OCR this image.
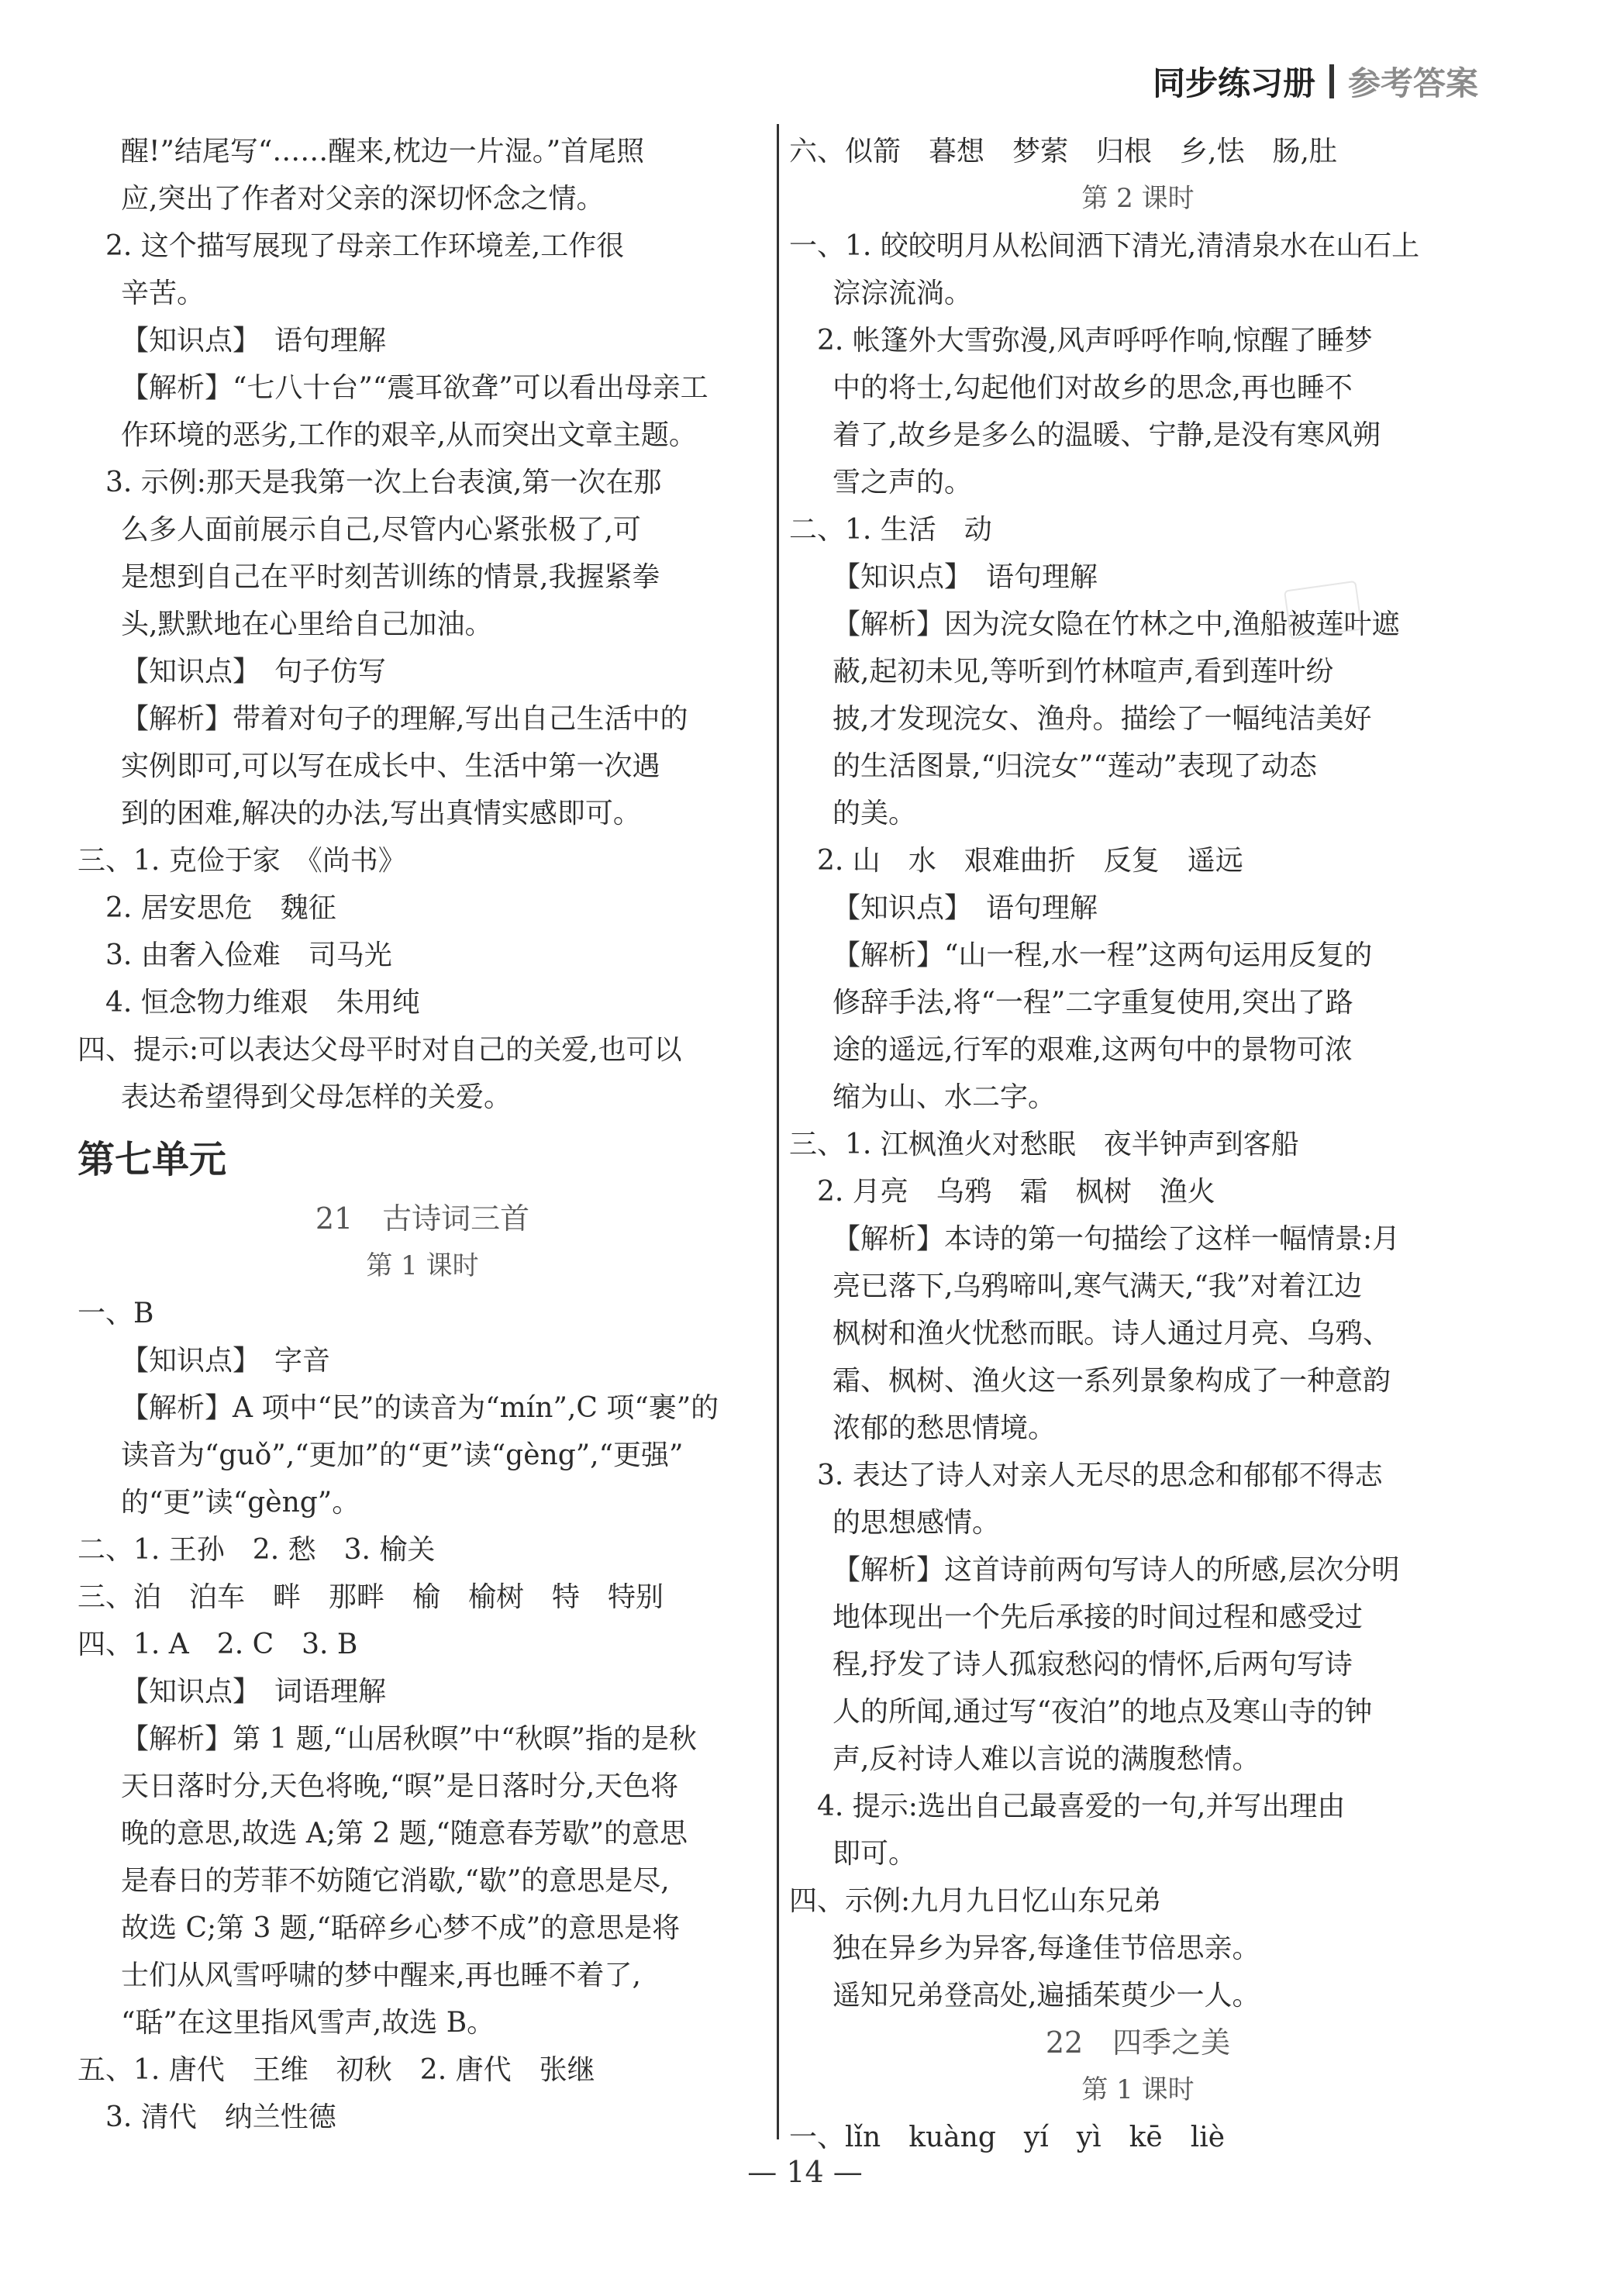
同步练习册 参考答案
醒!”结尾写“……醒来,枕边一片湿。”首尾照
应,突出了作者对父亲的深切怀念之情。
　2. 这个描写展现了母亲工作环境差,工作很
辛苦。
【知识点】　语句理解
【解析】“七八十台”“震耳欲聋”可以看出母亲工
作环境的恶劣,工作的艰辛,从而突出文章主题。
　3. 示例:那天是我第一次上台表演,第一次在那
么多人面前展示自己,尽管内心紧张极了,可
是想到自己在平时刻苦训练的情景,我握紧拳
头,默默地在心里给自己加油。
【知识点】　句子仿写
【解析】带着对句子的理解,写出自己生活中的
实例即可,可以写在成长中、生活中第一次遇
到的困难,解决的办法,写出真情实感即可。
三、1. 克俭于家　《尚书》
　2. 居安思危　魏征
　3. 由奢入俭难　司马光
　4. 恒念物力维艰　朱用纯
四、提示:可以表达父母平时对自己的关爱,也可以
表达希望得到父母怎样的关爱。
第七单元
21　古诗词三首
第 1 课时
一、B
【知识点】　字音
【解析】A 项中“民”的读音为“mín”,C 项“裹”的
读音为“guǒ”,“更加”的“更”读“gèng”,“更强”
的“更”读“gèng”。
二、1. 王孙　2. 愁　3. 榆关
三、泊　泊车　畔　那畔　榆　榆树　特　特别
四、1. A　2. C　3. B
【知识点】　词语理解
【解析】第 1 题,“山居秋暝”中“秋暝”指的是秋
天日落时分,天色将晚,“暝”是日落时分,天色将
晚的意思,故选 A;第 2 题,“随意春芳歇”的意思
是春日的芳菲不妨随它消歇,“歇”的意思是尽,
故选 C;第 3 题,“聒碎乡心梦不成”的意思是将
士们从风雪呼啸的梦中醒来,再也睡不着了,
“聒”在这里指风雪声,故选 B。
五、1. 唐代　王维　初秋　2. 唐代　张继
　3. 清代　纳兰性德
六、似箭　暮想　梦萦　归根　乡,怯　肠,肚
第 2 课时
一、1. 皎皎明月从松间洒下清光,清清泉水在山石上
淙淙流淌。
　2. 帐篷外大雪弥漫,风声呼呼作响,惊醒了睡梦
中的将士,勾起他们对故乡的思念,再也睡不
着了,故乡是多么的温暖、宁静,是没有寒风朔
雪之声的。
二、1. 生活　动
【知识点】　语句理解
【解析】因为浣女隐在竹林之中,渔船被莲叶遮
蔽,起初未见,等听到竹林喧声,看到莲叶纷
披,才发现浣女、渔舟。描绘了一幅纯洁美好
的生活图景,“归浣女”“莲动”表现了动态
的美。
　2. 山　水　艰难曲折　反复　遥远
【知识点】　语句理解
【解析】“山一程,水一程”这两句运用反复的
修辞手法,将“一程”二字重复使用,突出了路
途的遥远,行军的艰难,这两句中的景物可浓
缩为山、水二字。
三、1. 江枫渔火对愁眠　夜半钟声到客船
　2. 月亮　乌鸦　霜　枫树　渔火
【解析】本诗的第一句描绘了这样一幅情景:月
亮已落下,乌鸦啼叫,寒气满天,“我”对着江边
枫树和渔火忧愁而眠。诗人通过月亮、乌鸦、
霜、枫树、渔火这一系列景象构成了一种意韵
浓郁的愁思情境。
　3. 表达了诗人对亲人无尽的思念和郁郁不得志
的思想感情。
【解析】这首诗前两句写诗人的所感,层次分明
地体现出一个先后承接的时间过程和感受过
程,抒发了诗人孤寂愁闷的情怀,后两句写诗
人的所闻,通过写“夜泊”的地点及寒山寺的钟
声,反衬诗人难以言说的满腹愁情。
　4. 提示:选出自己最喜爱的一句,并写出理由
即可。
四、示例:九月九日忆山东兄弟
独在异乡为异客,每逢佳节倍思亲。
遥知兄弟登高处,遍插茱萸少一人。
22　四季之美
第 1 课时
一、lǐn　kuàng　yí　yì　kē　liè
— 14 —
